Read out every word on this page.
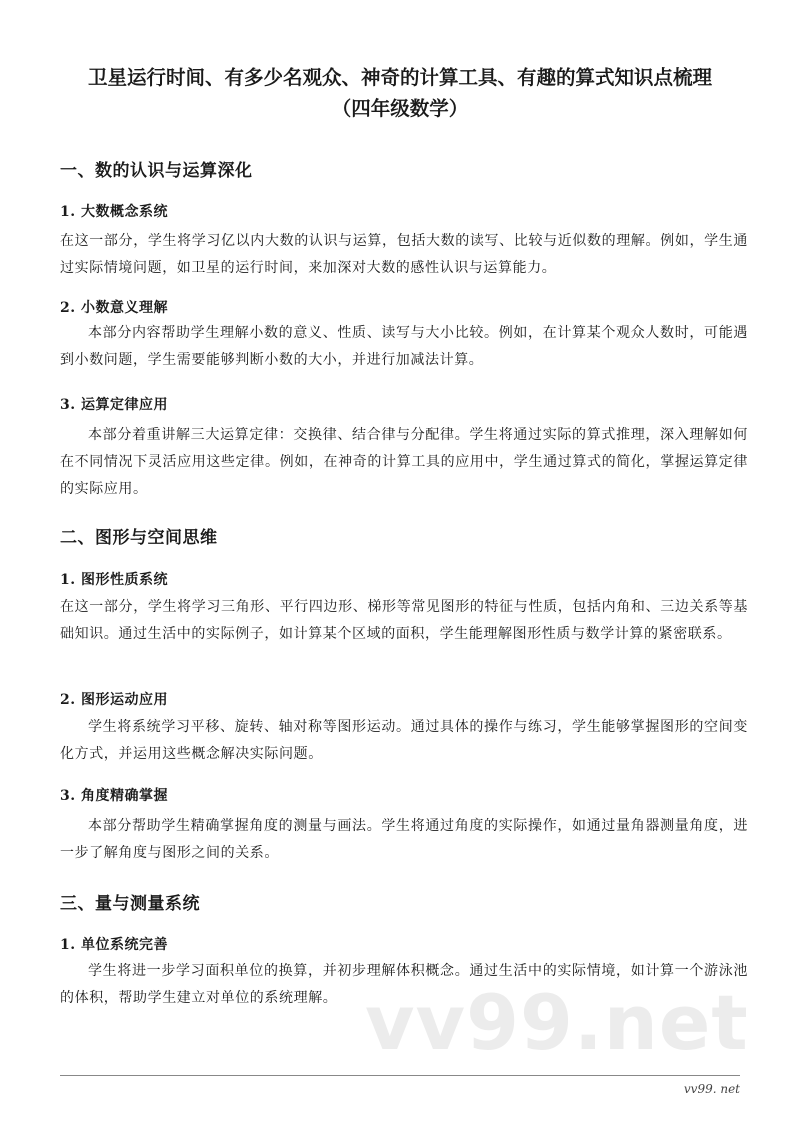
卫星运行时间、有多少名观众、神奇的计算工具、有趣的算式知识点梳理
（四年级数学）
一、数的认识与运算深化
1. 大数概念系统

在这一部分，学生将学习亿以内大数的认识与运算，包括大数的读写、比较与近似数的理解。例如，学生通过实际情境问题，如卫星的运行时间，来加深对大数的感性认识与运算能力。

2. 小数意义理解

本部分内容帮助学生理解小数的意义、性质、读写与大小比较。例如，在计算某个观众人数时，可能遇到小数问题，学生需要能够判断小数的大小，并进行加减法计算。

3. 运算定律应用

本部分着重讲解三大运算定律：交换律、结合律与分配律。学生将通过实际的算式推理，深入理解如何在不同情况下灵活应用这些定律。例如，在神奇的计算工具的应用中，学生通过算式的简化，掌握运算定律的实际应用。

二、图形与空间思维
1. 图形性质系统

在这一部分，学生将学习三角形、平行四边形、梯形等常见图形的特征与性质，包括内角和、三边关系等基础知识。通过生活中的实际例子，如计算某个区域的面积，学生能理解图形性质与数学计算的紧密联系。

2. 图形运动应用

学生将系统学习平移、旋转、轴对称等图形运动。通过具体的操作与练习，学生能够掌握图形的空间变化方式，并运用这些概念解决实际问题。

3. 角度精确掌握

本部分帮助学生精确掌握角度的测量与画法。学生将通过角度的实际操作，如通过量角器测量角度，进一步了解角度与图形之间的关系。

三、量与测量系统
1. 单位系统完善

学生将进一步学习面积单位的换算，并初步理解体积概念。通过生活中的实际情境，如计算一个游泳池的体积，帮助学生建立对单位的系统理解。 vv99.net
vv99. net
